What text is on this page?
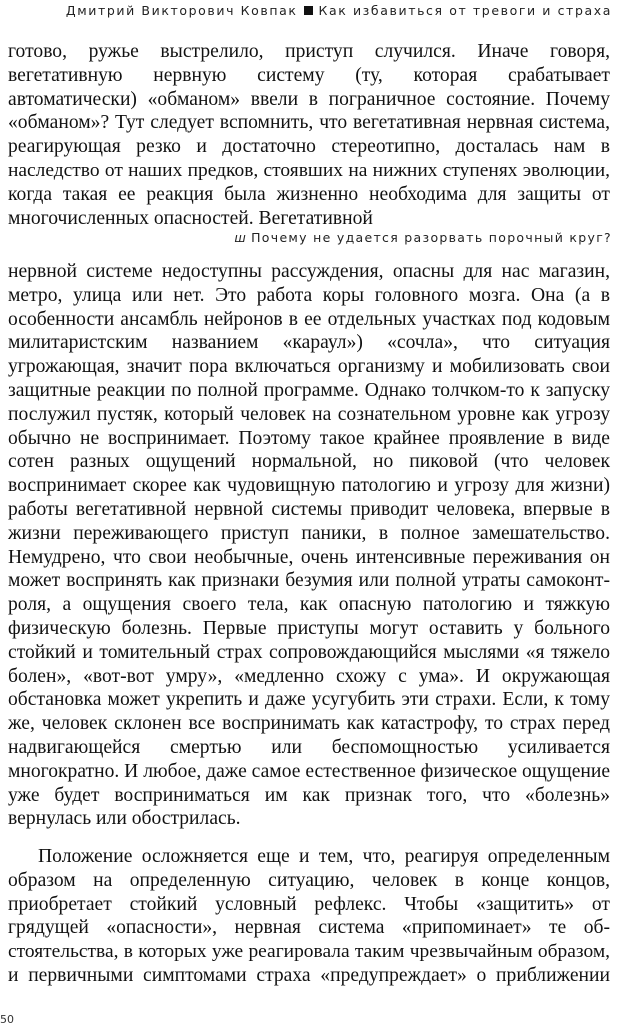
Дмитрий Викторович Ковпак Как избавиться от тревоги и страха
готово, ружье выстрелило, приступ случился. Иначе говоря,
вегетативную нервную систему (ту, которая срабатывает
автоматически) «обманом» ввели в пограничное состояние. Почему
«обманом»? Тут следует вспомнить, что вегетативная нервная система,
реагирующая резко и достаточно стереотипно, досталась нам в
наследство от наших предков, стоявших на нижних ступенях эволюции,
когда такая ее реакция была жизненно необходима для защиты от
многочисленных опасностей. Вегетативной
ш Почему не удается разорвать порочный круг?
нервной системе недоступны рассуждения, опасны для нас магазин,
метро, улица или нет. Это работа коры головного мозга. Она (а в
особенности ансамбль нейронов в ее отдельных участках под кодовым
милитаристским названием «караул») «сочла», что ситуация
угрожающая, значит пора включаться организму и мобилизовать свои
защитные реакции по полной программе. Однако толчком-то к запуску
послужил пустяк, который человек на сознательном уровне как угрозу
обычно не воспринимает. Поэтому такое крайнее проявление в виде
сотен разных ощущений нормальной, но пиковой (что человек
воспринимает скорее как чудовищную патологию и угрозу для жизни)
работы вегетативной нервной системы приводит человека, впервые в
жизни переживающего приступ паники, в полное замешательство.
Немудрено, что свои необычные, очень интенсивные переживания он
может воспринять как признаки безумия или полной утраты самоконт-
роля, а ощущения своего тела, как опасную патологию и тяжкую
физическую болезнь. Первые приступы могут оставить у больного
стойкий и томительный страх сопровождающийся мыслями «я тяжело
болен», «вот-вот умру», «медленно схожу с ума». И окружающая
обстановка может укрепить и даже усугубить эти страхи. Если, к тому
же, человек склонен все воспринимать как катастрофу, то страх перед
надвигающейся смертью или беспомощностью усиливается
многократно. И любое, даже самое естественное физическое ощущение
уже будет восприниматься им как признак того, что «болезнь»
вернулась или обострилась.
Положение осложняется еще и тем, что, реагируя определенным
образом на определенную ситуацию, человек в конце концов,
приобретает стойкий условный рефлекс. Чтобы «защитить» от
грядущей «опасности», нервная система «припоминает» те об-
стоятельства, в которых уже реагировала таким чрезвычайным образом,
и первичными симптомами страха «предупреждает» о приближении
50
